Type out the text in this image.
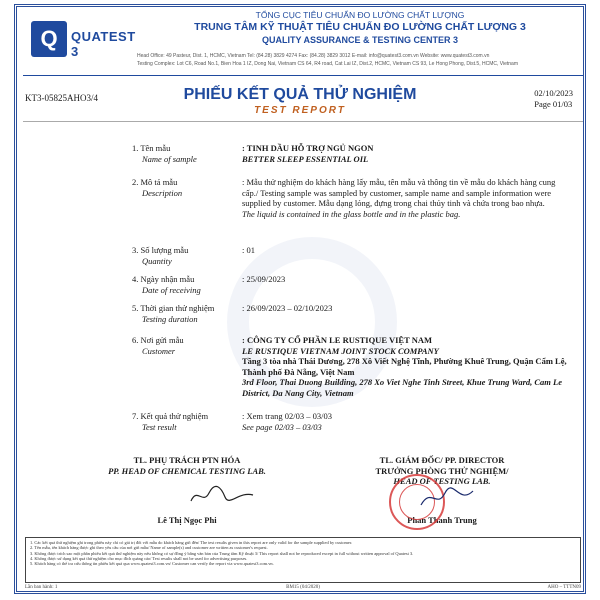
Q	QUATEST 3
TỔNG CỤC TIÊU CHUẨN ĐO LƯỜNG CHẤT LƯỢNG
TRUNG TÂM KỸ THUẬT TIÊU CHUẨN ĐO LƯỜNG CHẤT LƯỢNG 3
QUALITY ASSURANCE & TESTING CENTER 3
Head Office: 49 Pasteur, Dist. 1, HCMC, Vietnam Tel: (84.28) 3829 4274 Fax: (84.28) 3829 3012 E-mail: info@quatest3.com.vn Website: www.quatest3.com.vn
Testing Complex: Lot C6, Road No.1, Bien Hoa 1 IZ, Dong Nai, Vietnam CS 64, R4 road, Cat Lai IZ, Dist.2, HCMC, Vietnam CS 93, Le Hong Phong, Dist.5, HCMC, Vietnam
KT3-05825AHO3/4	PHIẾU KẾT QUẢ THỬ NGHIỆM
TEST REPORT
02/10/2023
Page 01/03
1. Tên mẫu
Name of sample
: TINH DẦU HỖ TRỢ NGỦ NGON
BETTER SLEEP ESSENTIAL OIL
2. Mô tả mẫu
Description
: Mẫu thử nghiệm do khách hàng lấy mẫu, tên mẫu và thông tin về mẫu do khách hàng cung cấp./ Testing sample was sampled by customer, sample name and sample information were supplied by customer. Mẫu dạng lỏng, đựng trong chai thủy tinh và chứa trong bao nhựa.
The liquid is contained in the glass bottle and in the plastic bag.
3. Số lượng mẫu
Quantity
: 01
4. Ngày nhận mẫu
Date of receiving
: 25/09/2023
5. Thời gian thử nghiệm
Testing duration
: 26/09/2023 – 02/10/2023
6. Nơi gửi mẫu
Customer
: CÔNG TY CỔ PHẦN LE RUSTIQUE VIỆT NAM
LE RUSTIQUE VIETNAM JOINT STOCK COMPANY
Tầng 3 tòa nhà Thái Dương, 278 Xô Viết Nghệ Tĩnh, Phường Khuê Trung, Quận Cẩm Lệ, Thành phố Đà Nẵng, Việt Nam
3rd Floor, Thai Duong Building, 278 Xo Viet Nghe Tinh Street, Khue Trung Ward, Cam Le District, Da Nang City, Vietnam
7. Kết quả thử nghiệm
Test result
: Xem trang 02/03 – 03/03
See page 02/03 – 03/03
TL. PHỤ TRÁCH PTN HÓA
PP. HEAD OF CHEMICAL TESTING LAB.
Lê Thị Ngọc Phi
TL. GIÁM ĐỐC/ PP. DIRECTOR
TRƯỞNG PHÒNG THỬ NGHIỆM/
HEAD OF TESTING LAB.
Phan Thanh Trung

1. Các kết quả thử nghiệm ghi trong phiếu này chỉ có giá trị đối với mẫu do khách hàng gửi đến/ The test results given in this report are only valid for the sample supplied by customer.

2. Tên mẫu, tên khách hàng được ghi theo yêu cầu của nơi gửi mẫu/ Name of sample(s) and customer are written as customer's request.

3. Không được trích sao một phần phiếu kết quả thử nghiệm này nếu không có sự đồng ý bằng văn bản của Trung tâm Kỹ thuật 3/ This report shall not be reproduced except in full without written approval of Quatest 3.

4. Không được sử dụng kết quả thử nghiệm cho mục đích quảng cáo/ Test results shall not be used for advertising purposes.

5. Khách hàng có thể tra cứu thông tin phiếu kết quả qua www.quatest3.com.vn/ Customer can verify the report via www.quatest3.com.vn.

Lần ban hành: 1	BM15 (04/2020)	AHO – TTTN09
